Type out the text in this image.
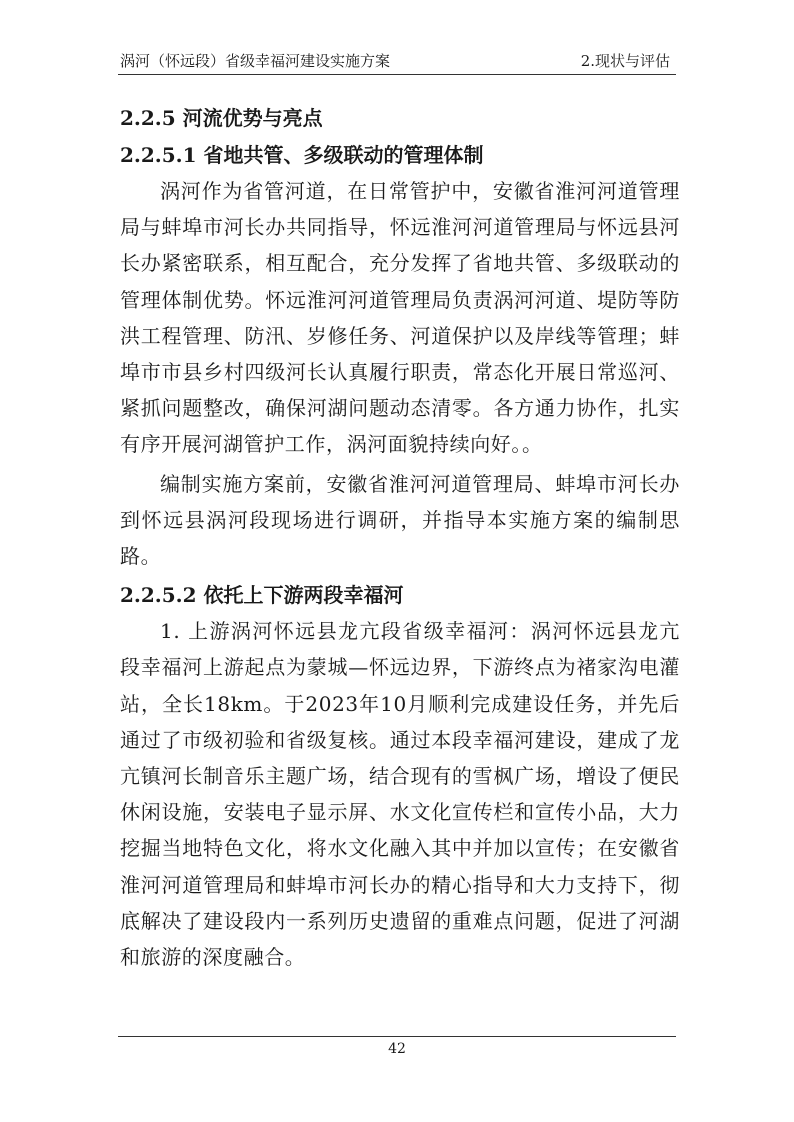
涡河（怀远段）省级幸福河建设实施方案	2.现状与评估
2.2.5 河流优势与亮点
2.2.5.1 省地共管、多级联动的管理体制

涡河作为省管河道，在日常管护中，安徽省淮河河道管理局与蚌埠市河长办共同指导，怀远淮河河道管理局与怀远县河长办紧密联系，相互配合，充分发挥了省地共管、多级联动的管理体制优势。怀远淮河河道管理局负责涡河河道、堤防等防洪工程管理、防汛、岁修任务、河道保护以及岸线等管理；蚌埠市市县乡村四级河长认真履行职责，常态化开展日常巡河、紧抓问题整改，确保河湖问题动态清零。各方通力协作，扎实有序开展河湖管护工作，涡河面貌持续向好。。

编制实施方案前，安徽省淮河河道管理局、蚌埠市河长办到怀远县涡河段现场进行调研，并指导本实施方案的编制思路。

2.2.5.2 依托上下游两段幸福河

1. 上游涡河怀远县龙亢段省级幸福河：涡河怀远县龙亢段幸福河上游起点为蒙城—怀远边界，下游终点为褚家沟电灌站，全长18km。于2023年10月顺利完成建设任务，并先后通过了市级初验和省级复核。通过本段幸福河建设，建成了龙亢镇河长制音乐主题广场，结合现有的雪枫广场，增设了便民休闲设施，安装电子显示屏、水文化宣传栏和宣传小品，大力挖掘当地特色文化，将水文化融入其中并加以宣传；在安徽省淮河河道管理局和蚌埠市河长办的精心指导和大力支持下，彻底解决了建设段内一系列历史遗留的重难点问题，促进了河湖和旅游的深度融合。

42
